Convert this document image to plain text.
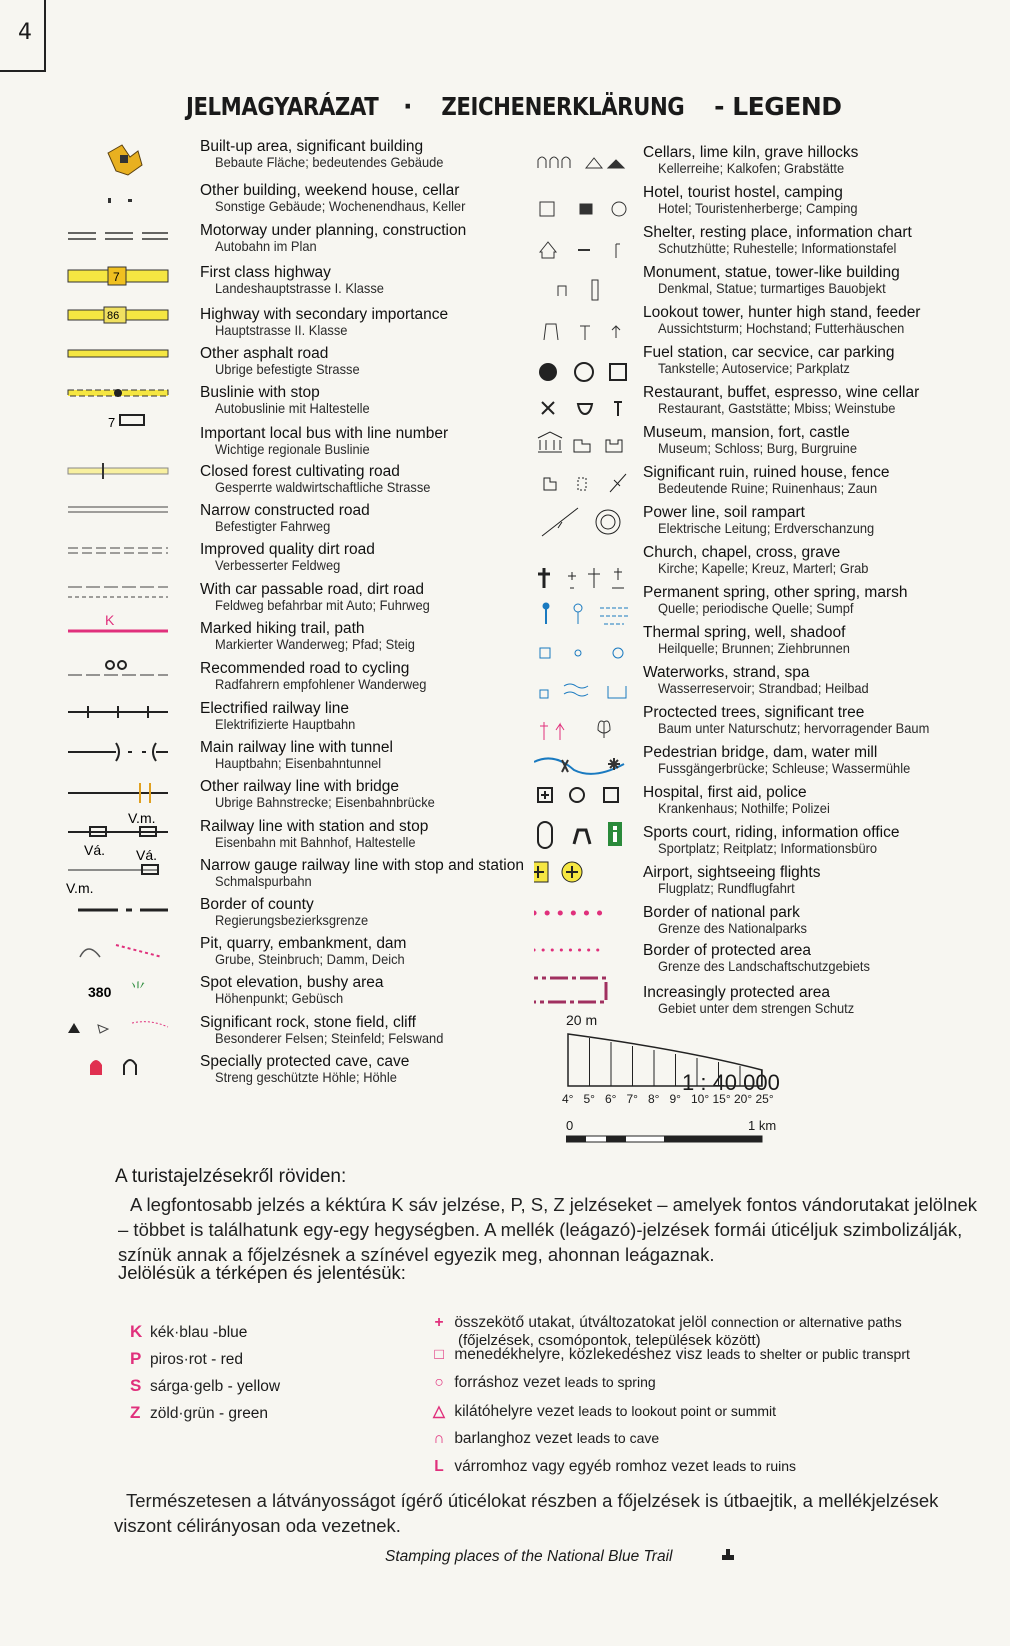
4
JELMAGYARÁZAT · ZEICHENERKLÄRUNG - LEGEND
7
86
7
K
V.m.
Vá. Vá.
V.m.
380 ⺌
Built-up area, significant building
Bebaute Fläche; bedeutendes Gebäude
Other building, weekend house, cellar
Sonstige Gebäude; Wochenendhaus, Keller
Motorway under planning, construction
Autobahn im Plan
First class highway
Landeshauptstrasse I. Klasse
Highway with secondary importance
Hauptstrasse II. Klasse
Other asphalt road
Ubrige befestigte Strasse
Buslinie with stop
Autobuslinie mit Haltestelle
Important local bus with line number
Wichtige regionale Buslinie
Closed forest cultivating road
Gesperrte waldwirtschaftliche Strasse
Narrow constructed road
Befestigter Fahrweg
Improved quality dirt road
Verbesserter Feldweg
With car passable road, dirt road
Feldweg befahrbar mit Auto; Fuhrweg
Marked hiking trail, path
Markierter Wanderweg; Pfad; Steig
Recommended road to cycling
Radfahrern empfohlener Wanderweg
Electrified railway line
Elektrifizierte Hauptbahn
Main railway line with tunnel
Hauptbahn; Eisenbahntunnel
Other railway line with bridge
Ubrige Bahnstrecke; Eisenbahnbrücke
Railway line with station and stop
Eisenbahn mit Bahnhof, Haltestelle
Narrow gauge railway line with stop and station
Schmalspurbahn
Border of county
Regierungsbezierksgrenze
Pit, quarry, embankment, dam
Grube, Steinbruch; Damm, Deich
Spot elevation, bushy area
Höhenpunkt; Gebüsch
Significant rock, stone field, cliff
Besonderer Felsen; Steinfeld; Felswand
Specially protected cave, cave
Streng geschützte Höhle; Höhle
Cellars, lime kiln, grave hillocks
Kellerreihe; Kalkofen; Grabstätte
Hotel, tourist hostel, camping
Hotel; Touristenherberge; Camping
Shelter, resting place, information chart
Schutzhütte; Ruhestelle; Informationstafel
Monument, statue, tower-like building
Denkmal, Statue; turmartiges Bauobjekt
Lookout tower, hunter high stand, feeder
Aussichtsturm; Hochstand; Futterhäuschen
Fuel station, car secvice, car parking
Tankstelle; Autoservice; Parkplatz
Restaurant, buffet, espresso, wine cellar
Restaurant, Gaststätte; Mbiss; Weinstube
Museum, mansion, fort, castle
Museum; Schloss; Burg, Burgruine
Significant ruin, ruined house, fence
Bedeutende Ruine; Ruinenhaus; Zaun
Power line, soil rampart
Elektrische Leitung; Erdverschanzung
Church, chapel, cross, grave
Kirche; Kapelle; Kreuz, Marterl; Grab
Permanent spring, other spring, marsh
Quelle; periodische Quelle; Sumpf
Thermal spring, well, shadoof
Heilquelle; Brunnen; Ziehbrunnen
Waterworks, strand, spa
Wasserreservoir; Strandbad; Heilbad
Proctected trees, significant tree
Baum unter Naturschutz; hervorragender Baum
Pedestrian bridge, dam, water mill
Fussgängerbrücke; Schleuse; Wassermühle
Hospital, first aid, police
Krankenhaus; Nothilfe; Polizei
Sports court, riding, information office
Sportplatz; Reitplatz; Informationsbüro
Airport, sightseeing flights
Flugplatz; Rundflugfahrt
Border of national park
Grenze des Nationalparks
Border of protected area
Grenze des Landschaftschutzgebiets
Increasingly protected area
Gebiet unter dem strengen Schutz
20 m
1 : 40 000
4° 5° 6° 7° 8° 9° 10° 15° 20° 25°
0	1 km
A turistajelzésekről röviden:
A legfontosabb jelzés a kéktúra K sáv jelzése, P, S, Z jelzéseket – amelyek fontos vándorutakat jelölnek – többet is találhatunk egy-egy hegységben. A mellék (leágazó)-jelzések formái úticéljuk szimbolizálják, színük annak a főjelzésnek a színével egyezik meg, ahonnan leágaznak.
Jelölésük a térképen és jelentésük:
K kék·blau -blue
P piros·rot - red
S sárga·gelb - yellow
Z zöld·grün - green
+ összekötő utakat, útváltozatokat jelöl connection or alternative paths
(főjelzések, csomópontok, települések között)
□ menedékhelyre, közlekedéshez visz leads to shelter or public transprt
○ forráshoz vezet leads to spring
△ kilátóhelyre vezet leads to lookout point or summit
∩ barlanghoz vezet leads to cave
L várromhoz vagy egyéb romhoz vezet leads to ruins
Természetesen a látványosságot ígérő úticélokat részben a főjelzések is útbaejtik, a mellékjelzések viszont célirányosan oda vezetnek.
Stamping places of the National Blue Trail
